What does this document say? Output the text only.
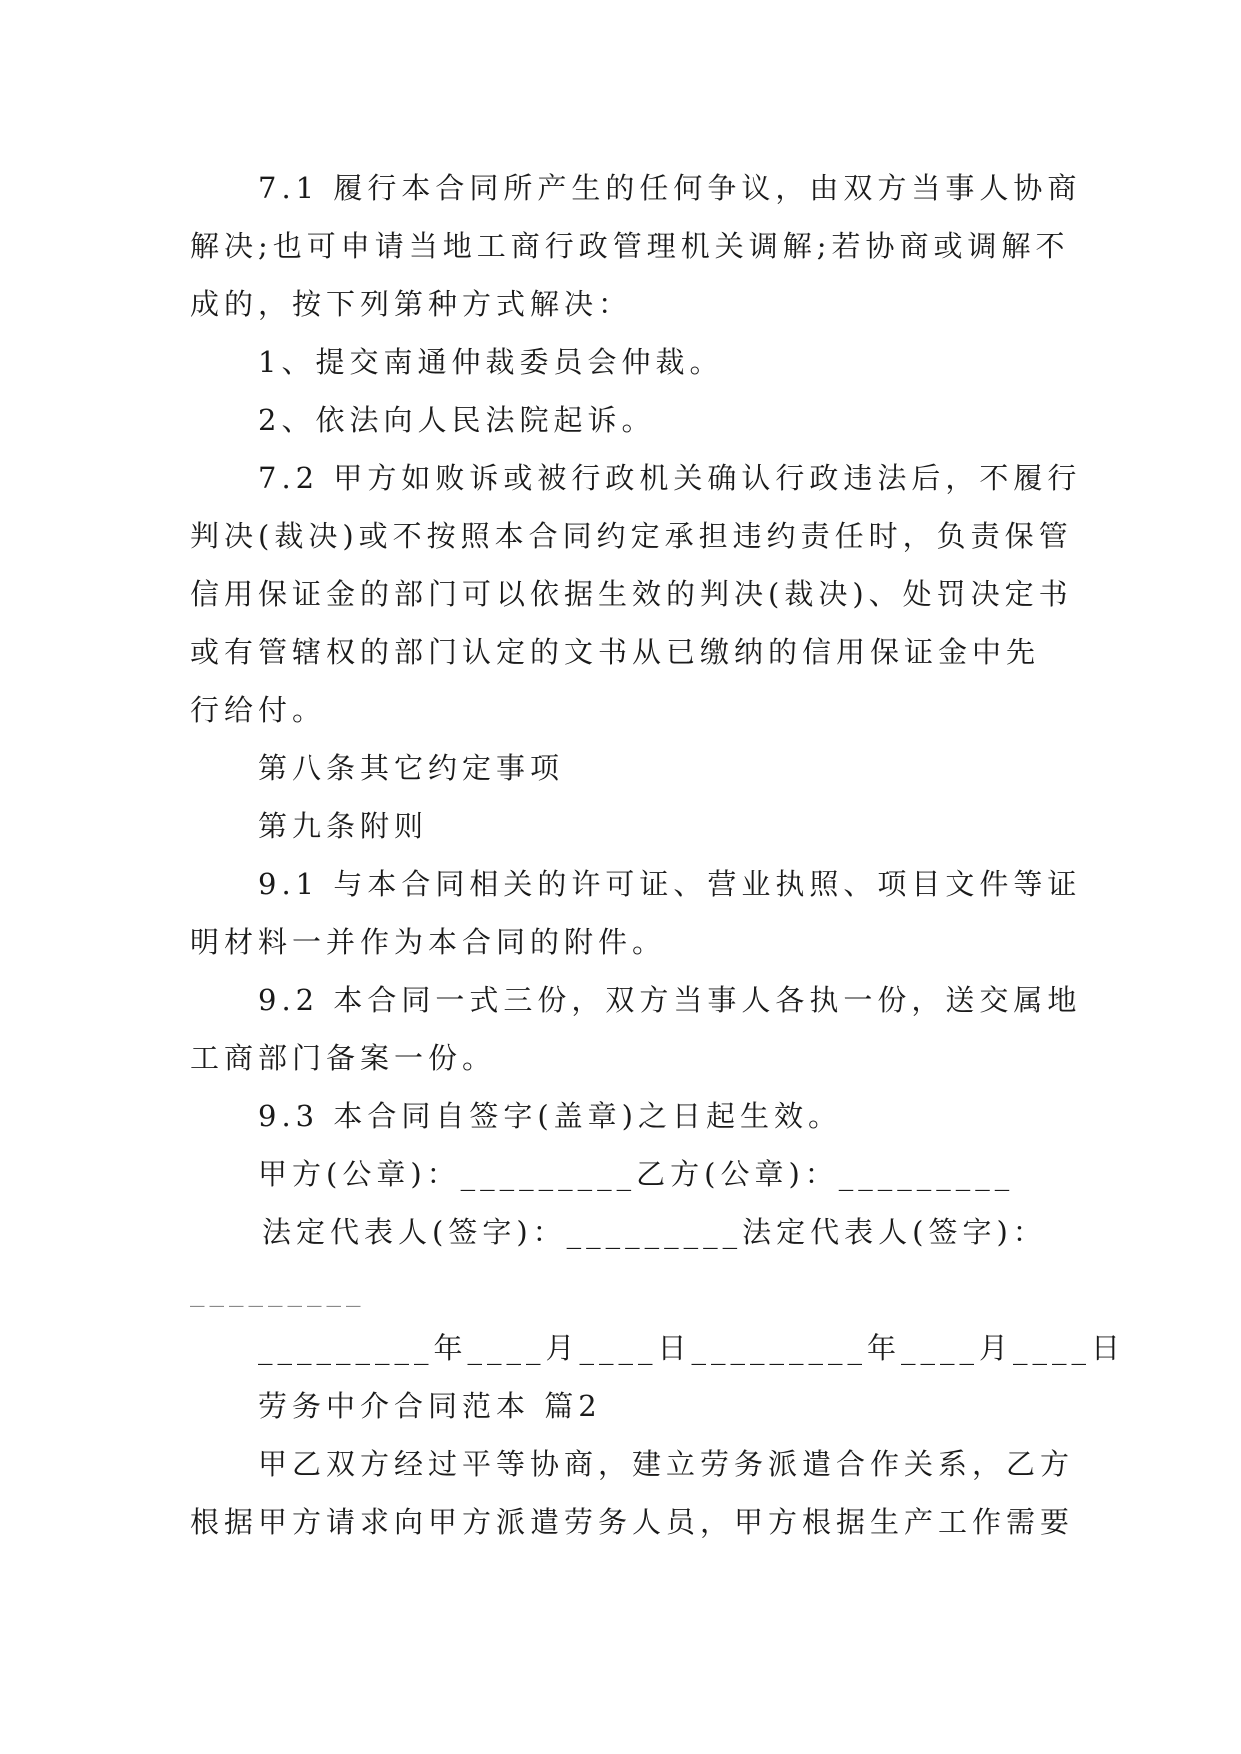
7.1 履行本合同所产生的任何争议，由双方当事人协商
解决;也可申请当地工商行政管理机关调解;若协商或调解不
成的，按下列第种方式解决：
1、提交南通仲裁委员会仲裁。
2、依法向人民法院起诉。
7.2 甲方如败诉或被行政机关确认行政违法后，不履行
判决(裁决)或不按照本合同约定承担违约责任时，负责保管
信用保证金的部门可以依据生效的判决(裁决)、处罚决定书
或有管辖权的部门认定的文书从已缴纳的信用保证金中先
行给付。
第八条其它约定事项
第九条附则
9.1 与本合同相关的许可证、营业执照、项目文件等证
明材料一并作为本合同的附件。
9.2 本合同一式三份，双方当事人各执一份，送交属地
工商部门备案一份。
9.3 本合同自签字(盖章)之日起生效。
甲方(公章)：_________乙方(公章)：_________
法定代表人(签字)：_________法定代表人(签字)：
_________
_________年____月____日_________年____月____日
劳务中介合同范本 篇2
甲乙双方经过平等协商，建立劳务派遣合作关系，乙方
根据甲方请求向甲方派遣劳务人员，甲方根据生产工作需要
